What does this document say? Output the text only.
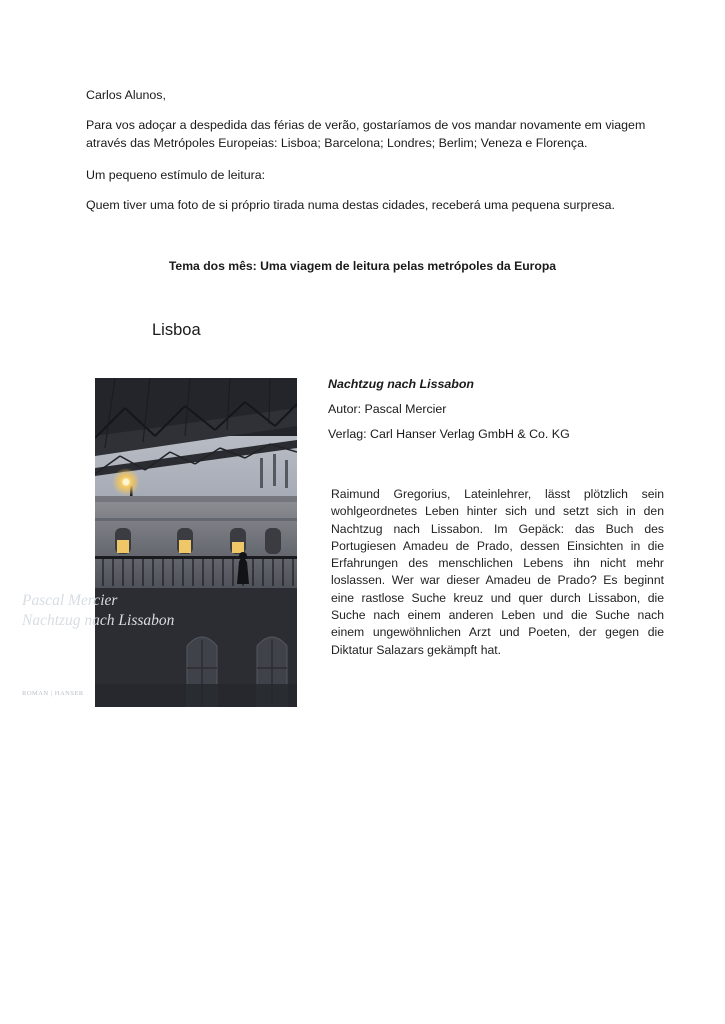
Carlos Alunos,

Para vos adoçar a despedida das férias de verão, gostaríamos de vos mandar novamente em viagem através das Metrópoles Europeias: Lisboa; Barcelona; Londres; Berlim; Veneza e Florença.

Um pequeno estímulo de leitura:

Quem tiver uma foto de si próprio tirada numa destas cidades, receberá uma pequena surpresa.

Tema dos mês: Uma viagem de leitura pelas metrópoles da Europa

Lisboa

Pascal Mercier

Nachtzug nach Lissabon

ROMAN | HANSER

Nachtzug nach Lissabon

Autor: Pascal Mercier

Verlag: Carl Hanser Verlag GmbH & Co. KG

Raimund Gregorius, Lateinlehrer, lässt plötzlich sein wohlgeordnetes Leben hinter sich und setzt sich in den Nachtzug nach Lissabon. Im Gepäck: das Buch des Portugiesen Amadeu de Prado, dessen Einsichten in die Erfahrungen des menschlichen Lebens ihn nicht mehr loslassen. Wer war dieser Amadeu de Prado? Es beginnt eine rastlose Suche kreuz und quer durch Lissabon, die Suche nach einem anderen Leben und die Suche nach einem ungewöhnlichen Arzt und Poeten, der gegen die Diktatur Salazars gekämpft hat.
